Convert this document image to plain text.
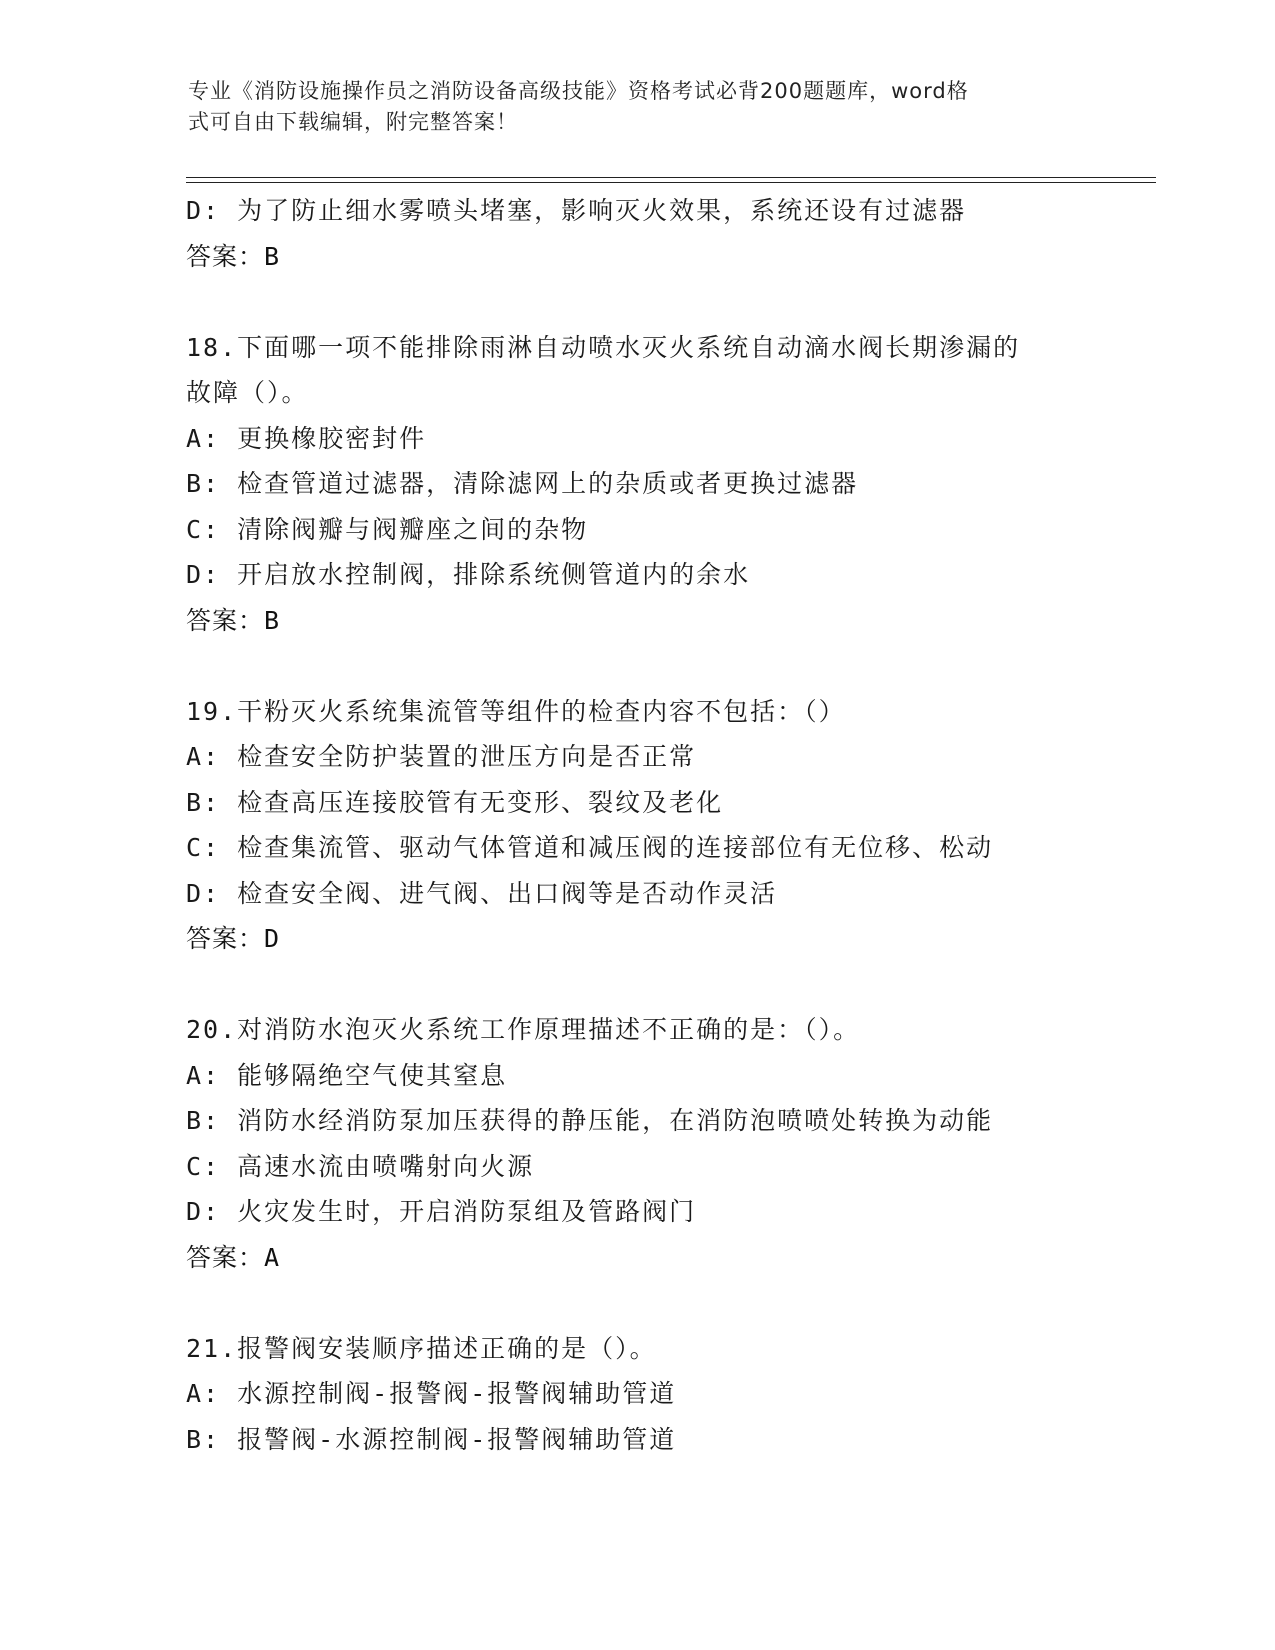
专业《消防设施操作员之消防设备高级技能》资格考试必背200题题库，word格
式可自由下载编辑，附完整答案！
D: 为了防止细水雾喷头堵塞，影响灭火效果，系统还设有过滤器
答案：B
18.下面哪一项不能排除雨淋自动喷水灭火系统自动滴水阀长期渗漏的
故障（）。
A: 更换橡胶密封件
B: 检查管道过滤器，清除滤网上的杂质或者更换过滤器
C: 清除阀瓣与阀瓣座之间的杂物
D: 开启放水控制阀，排除系统侧管道内的余水
答案：B
19.干粉灭火系统集流管等组件的检查内容不包括：（）
A: 检查安全防护装置的泄压方向是否正常
B: 检查高压连接胶管有无变形、裂纹及老化
C: 检查集流管、驱动气体管道和减压阀的连接部位有无位移、松动
D: 检查安全阀、进气阀、出口阀等是否动作灵活
答案：D
20.对消防水泡灭火系统工作原理描述不正确的是：（）。
A: 能够隔绝空气使其窒息
B: 消防水经消防泵加压获得的静压能，在消防泡喷喷处转换为动能
C: 高速水流由喷嘴射向火源
D: 火灾发生时，开启消防泵组及管路阀门
答案：A
21.报警阀安装顺序描述正确的是（）。
A: 水源控制阀-报警阀-报警阀辅助管道
B: 报警阀-水源控制阀-报警阀辅助管道
